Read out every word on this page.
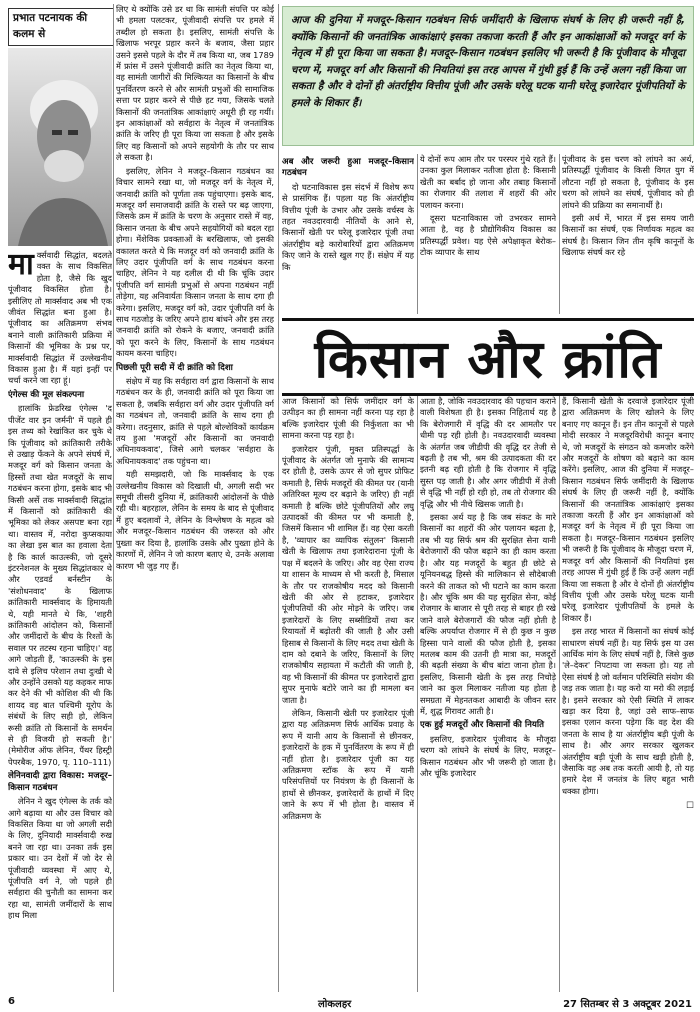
प्रभात पटनायक की कलम से

मार्क्सवादी सिद्धांत, बदलते वक्त के साथ विकसित होता है, जैसे कि खुद पूंजीवाद विकसित होता है। इसीलिए तो मार्क्सवाद अब भी एक जीवंत सिद्धांत बना हुआ है। पूंजीवाद का अतिक्रमण संभव बनाने वाली क्रांतिकारी प्रक्रिया में किसानों की भूमिका के प्रश्न पर, मार्क्सवादी सिद्धांत में उल्लेखनीय विकास हुआ है। मैं यहां इन्हीं पर चर्चा करने जा रहा हूं।

एंगेल्स की मूल संकल्पना

हालांकि फ्रेडरिख एंगेल्स 'द पीजेंट वार इन जर्मनी' में पहले ही इस तथ्य को रेखांकित कर चुके थे कि पूंजीवाद को क्रांतिकारी तरीके से उखाड़ फेंकने के अपने संघर्ष में, मजदूर वर्ग को किसान जनता के हिस्सों तथा खेत मजदूरों के साथ गठबंधन करना होगा, इसके बाद भी किसी अर्से तक मार्क्सवादी सिद्धांत में किसानों को क्रांतिकारी की भूमिका को लेकर असपष्ट बना रहा था। वास्तव में, नरोदा कुप्सकाया का लेखा इस बात का हवाला देता है कि कार्ल काउत्स्की, जो दूसरे इंटरनेशनल के मुख्य सिद्धांतकार थे और एडवर्ड बर्नस्टीन के 'संशोधनवाद' के खिलाफ क्रांतिकारी मार्क्सवाद के हिमायती थे, यही मानते थे कि, 'शहरी क्रांतिकारी आंदोलन को, किसानों और जमींदारों के बीच के रिश्तों के सवाल पर तटस्थ रहना चाहिए।' वह आगे जोड़ती हैं, 'काउत्स्की के इस दावे से इलिच परेशान तथा दुःखी थे और उन्होंने उसको यह कहकर माफ कर देने की भी कोशिश की थी कि शायद वह बात पश्चिमी यूरोप के संबंधों के लिए सही हो, लेकिन रूसी क्रांति तो किसानों के समर्थन से ही विजयी हो सकती है।' (मेमोरीज ऑफ लेनिन, पैंथर हिस्ट्री पेपरबैक, 1970, पृ. 110–111)

लेनिनवादी द्वारा विकास: मजदूर–किसान गठबंधन

लेनिन ने खुद एंगेल्स के तर्क को आगे बढ़ाया था और उस विचार को विकसित किया था जो अगली सदी के लिए, दुनियादी मार्क्सवादी रुख बनने जा रहा था। उनका तर्क इस प्रकार था। उन देशों में जो देर से पूंजीवादी व्यवस्था में आए थे, पूंजीपति वर्ग ने, जो पहले ही सर्वहारा की चुनौती का सामना कर रहा था, सामंती जमींदारों के साथ हाथ मिला

लिए थे क्योंकि उसे डर था कि सामंती संपत्ति पर कोई भी हमला पलटकर, पूंजीवादी संपत्ति पर हमले में तब्दील हो सकता है। इसलिए, सामंती संपत्ति के खिलाफ भरपूर प्रहार करने के बजाय, जैसा प्रहार उसने इससे पहले के दौर में तब किया था, जब 1789 में फ्रांस में उसने पूंजीवादी क्रांति का नेतृत्व किया था, वह सामंती जागीरों की मिल्कियत का किसानों के बीच पुनर्वितरण करने से और सामंती प्रभुओं की सामाजिक सत्ता पर प्रहार करने से पीछे हट गया, जिसके चलते किसानों की जनतांत्रिक आकांक्षाएं अधूरी ही रह गयीं। इन आकांक्षाओं को सर्वहारा के नेतृत्व में जनतांत्रिक क्रांति के जरिए ही पूरा किया जा सकता है और इसके लिए वह किसानों को अपने सहयोगी के तौर पर साथ ले सकता है।

इसलिए, लेनिन ने मजदूर–किसान गठबंधन का विचार सामने रखा था, जो मजदूर वर्ग के नेतृत्व में, जनवादी क्रांति को पूर्णता तक पहुंचाएगा। इसके बाद, मजदूर वर्ग समाजवादी क्रांति के रास्ते पर बढ़ जाएगा, जिसके क्रम में क्रांति के चरण के अनुसार रास्ते में वह, किसान जनता के बीच अपने सहयोगियों को बदल रहा होगा। मेंशेविक प्रवक्ताओं के बरखिलाफ, जो इसकी वकालत करते थे कि मजदूर वर्ग को जनवादी क्रांति के लिए उदार पूंजीपति वर्ग के साथ गठबंधन करना चाहिए, लेनिन ने यह दलील दी थी कि चूंकि उदार पूंजीपति वर्ग सामंती प्रभुओं से अपना गठबंधन नहीं तोड़ेगा, यह अनिवार्यतः किसान जनता के साथ दगा ही करेगा। इसलिए, मजदूर वर्ग को, उदार पूंजीपति वर्ग के साथ गठजोड़ के जरिए अपने हाथ बांधने और इस तरह जनवादी क्रांति को रोकने के बजाए, जनवादी क्रांति को पूरा करने के लिए, किसानों के साथ गठबंधन कायम करना चाहिए।

पिछली पूरी सदी में दी क्रांति को दिशा

संक्षेप में यह कि सर्वहारा वर्ग द्वारा किसानों के साथ गठबंधन कर के ही, जनवादी क्रांति को पूरा किया जा सकता है, जबकि सर्वहारा वर्ग और उदार पूंजीपति वर्ग का गठबंधन तो, जनवादी क्रांति के साथ दगा ही करेगा। तदनुसार, क्रांति से पहले बोल्शेविकों कार्यक्रम तय हुआ 'मजदूरों और किसानों का जनवादी अधिनायकवाद', जिसे आगे चलकर 'सर्वहारा के अधिनायकवाद' तक पहुंचना था।

यही समझदारी, जो कि मार्क्सवाद के एक उल्लेखनीय विकास को दिखाती थी, अगली सदी भर समूची तीसरी दुनिया में, क्रांतिकारी आंदोलनों के पीछे रही थी। बहरहाल, लेनिन के समय के बाद से पूंजीवाद में हुए बदलावों ने, लेनिन के विश्लेषण के महत्व को और मजदूर–किसान गठबंधन की जरूरत को और पुख्ता कर दिया है, हालांकि उसके और पुख्ता होने के कारणों में, लेनिन ने जो कारण बताए थे, उनके अलावा कारण भी जुड़ गए हैं।

आज की दुनिया में मजदूर–किसान गठबंधन सिर्फ जमींदारी के खिलाफ संघर्ष के लिए ही जरूरी नहीं है, क्योंकि किसानों की जनतांत्रिक आकांक्षाएं इसका तकाजा करती हैं और इन आकांक्षाओं को मजदूर वर्ग के नेतृत्व में ही पूरा किया जा सकता है। मजदूर–किसान गठबंधन इसलिए भी जरूरी है कि पूंजीवाद के मौजूदा चरण में, मजदूर वर्ग और किसानों की नियतियां इस तरह आपस में गुंथी हुई हैं कि उन्हें अलग नहीं किया जा सकता है और वे दोनों ही अंतर्राष्ट्रीय वित्तीय पूंजी और उसके घरेलू घटक यानी घरेलू इजारेदार पूंजीपतियों के हमले के शिकार हैं।

अब और जरूरी हुआ मजदूर–किसान गठबंधन

दो घटनाविकास इस संदर्भ में विशेष रूप से प्रासंगिक हैं। पहला यह कि अंतर्राष्ट्रीय वित्तीय पूंजी के उभार और उसके वर्चस्व के तहत नवउदारवादी नीतियों के आने से, किसानों खेती पर घरेलू इजारेदार पूंजी तथा अंतर्राष्ट्रीय बड़े कारोबारियों द्वारा अतिक्रमण किए जाने के रास्ते खुल गए हैं। संक्षेप में यह कि

ये दोनों रूप आम तौर पर परस्पर गुंथे रहते हैं। उनका कुल मिलाकर नतीजा होता है: किसानी खेती का बर्बाद हो जाना और तबाह किसानों का रोजगार की तलाश में शहरों की ओर पलायन करना।

दूसरा घटनाविकास जो उभरकर सामने आता है, वह है प्रौद्योगिकीय विकास का प्रतिस्पर्द्धी प्रवेश। यह ऐसे अपेक्षाकृत बेरोक–टोक व्यापार के साथ

पूंजीवाद के इस चरण को लांघने का अर्थ, प्रतिस्पर्द्धी पूंजीवाद के किसी विगत युग में लौटना नहीं हो सकता है, पूंजीवाद के इस चरण को लांघने का संघर्ष, पूंजीवाद को ही लांघने की प्रक्रिया का समानार्थी है।

इसी अर्थ में, भारत में इस समय जारी किसानों का संघर्ष, एक निर्णायक महत्व का संघर्ष है। किसान जिन तीन कृषि कानूनों के खिलाफ संघर्ष कर रहे

किसान और क्रांति

आज किसानों को सिर्फ जमींदार वर्ग के उत्पीड़न का ही सामना नहीं करना पड़ रहा है बल्कि इजारेदार पूंजी की निर्कुशता का भी सामना करना पड़ रहा है।

इजारेदार पूंजी, मुक्त प्रतिस्पर्द्धा के पूंजीवाद के अंतर्गत जो मुनाफे की सामान्य दर होती है, उसके ऊपर से जो सुपर प्रोफिट कमाती है, सिर्फ मजदूरों की कीमत पर (यानी अतिरिक्त मूल्य दर बढ़ाने के जरिए) ही नहीं कमाती है बल्कि छोटे पूंजीपतियों और लघु उत्पादकों की कीमत पर भी कमाती है, जिसमें किसान भी शामिल हैं। वह ऐसा करती है, 'व्यापार का व्यापिक संतुलन' किसानी खेती के खिलाफ तथा इजारेदाराना पूंजी के पक्ष में बदलने के जरिए। और वह ऐसा राज्य या शासन के माध्यम से भी करती है, मिसाल के तौर पर राजकोषीय मदद को किसानी खेती की ओर से हटाकर, इजारेदार पूंजीपतियों की ओर मोड़ने के जरिए। जब इजारेदारों के लिए सब्सीडियों तथा कर रियायतों में बढ़ोतरी की जाती है और उसी हिसाब से किसानों के लिए मदद तथा खेती के दाम को दबाने के जरिए, किसानों के लिए राजकोषीय सहायता में कटौती की जाती है, वह भी किसानों की कीमत पर इजारेदारों द्वारा सुपर मुनाफे बटोरे जाने का ही मामला बन जाता है।

लेकिन, किसानी खेती पर इजारेदार पूंजी द्वारा यह अतिक्रमण सिर्फ आर्थिक प्रवाह के रूप में यानी आय के किसानों से छीनकर, इजारेदारों के हक में पुनर्वितरण के रूप में ही नहीं होता है। इजारेदार पूंजी का यह अतिक्रमण स्टॉक के रूप में यानी परिसंपत्तियों पर नियंत्रण के ही किसानों के हाथों से छीनकर, इजारेदारों के हाथों में दिए जाने के रूप में भी होता है। वास्तव में अतिक्रमण के

आता है, जोकि नवउदारवाद की पहचान कराने वाली विशेषता ही है। इसका निहितार्थ यह है कि बेरोजगारी में वृद्धि की दर आमतौर पर धीमी पड़ रही होती है। नवउदारवादी व्यवस्था के अंतर्गत जब जीडीपी की वृद्धि दर तेजी से बढ़ती है तब भी, श्रम की उत्पादकता की दर इतनी बढ़ रही होती है कि रोजगार में वृद्धि सुस्त पड़ जाती है। और अगर जीडीपी में तेजी से वृद्धि भी नहीं हो रही हो, तब तो रोजगार की वृद्धि और भी नीचे खिसक जाती है।

इसका अर्थ यह है कि जब संकट के मारे किसानों का शहरों की ओर पलायन बढ़ता है, तब भी यह सिर्फ श्रम की सुरक्षित सेना यानी बेरोजगारों की फौज बढ़ाने का ही काम करता है। और यह मजदूरों के बहुत ही छोटे से यूनियनबद्ध हिस्से की मालिकान से सौदेबाजी करने की ताकत को भी घटाने का काम करता है। और चूंकि श्रम की यह सुरक्षित सेना, कोई रोजगार के बाजार से पूरी तरह से बाहर ही रखे जाने वाले बेरोजगारों की फौज नहीं होती है बल्कि अपर्याप्त रोजगार में से ही कुछ न कुछ हिस्सा पाने वालों की फौज होती है, इसका मतलब काम की उतनी ही मात्रा का, मजदूरों की बढ़ती संख्या के बीच बांटा जाना होता है। इसलिए, किसानी खेती के इस तरह निचोड़े जाने का कुल मिलाकर नतीजा यह होता है समग्रता में मेहनतकश आबादी के जीवन स्तर में, शुद्ध गिरावट आती है।

एक हुई मजदूरों और किसानों की नियति

इसलिए, इजारेदार पूंजीवाद के मौजूदा चरण को लांघने के संघर्ष के लिए, मजदूर–किसान गठबंधन और भी जरूरी हो जाता है। और चूंकि इजारेदार

हैं, किसानी खेती के दरवाजे इजारेदार पूंजी द्वारा अतिक्रमण के लिए खोलने के लिए बनाए गए कानून हैं। इन तीन कानूनों से पहले मोदी सरकार ने मजदूरविरोधी कानून बनाए थे, जो मजदूरों के संगठन को कमजोर करेंगे और मजदूरों के शोषण को बढ़ाने का काम करेंगे। इसलिए, आज की दुनिया में मजदूर–किसान गठबंधन सिर्फ जमींदारी के खिलाफ संघर्ष के लिए ही जरूरी नहीं है, क्योंकि किसानों की जनतांत्रिक आकांक्षाएं इसका तकाजा करती हैं और इन आकांक्षाओं को मजदूर वर्ग के नेतृत्व में ही पूरा किया जा सकता है। मजदूर–किसान गठबंधन इसलिए भी जरूरी है कि पूंजीवाद के मौजूदा चरण में, मजदूर वर्ग और किसानों की नियतियां इस तरह आपस में गुंथी हुई हैं कि उन्हें अलग नहीं किया जा सकता है और वे दोनों ही अंतर्राष्ट्रीय वित्तीय पूंजी और उसके घरेलू घटक यानी घरेलू इजारेदार पूंजीपतियों के हमले के शिकार हैं।

इस तरह भारत में किसानों का संघर्ष कोई साधारण संघर्ष नहीं है। यह सिर्फ इस या उस आर्थिक मांग के लिए संघर्ष नहीं है, जिसे कुछ 'ले–देकर' निपटाया जा सकता हो। यह तो ऐसा संघर्ष है जो वर्तमान परिस्थिति संयोग की जड़ तक जाता है। यह करो या मरो की लड़ाई है। इसने सरकार को ऐसी स्थिति में लाकर खड़ा कर दिया है, जहां उसे साफ–साफ इसका एलान करना पड़ेगा कि वह देश की जनता के साथ है या अंतर्राष्ट्रीय बड़ी पूंजी के साथ है। और अगर सरकार खुलकर अंतर्राष्ट्रीय बड़ी पूंजी के साथ खड़ी होती है, जैसाकि वह अब तक करती आयी है, तो यह हमारे देश में जनतंत्र के लिए बहुत भारी धक्का होगा।

□

6	लोकलहर	27 सितम्बर से 3 अक्टूबर 2021
